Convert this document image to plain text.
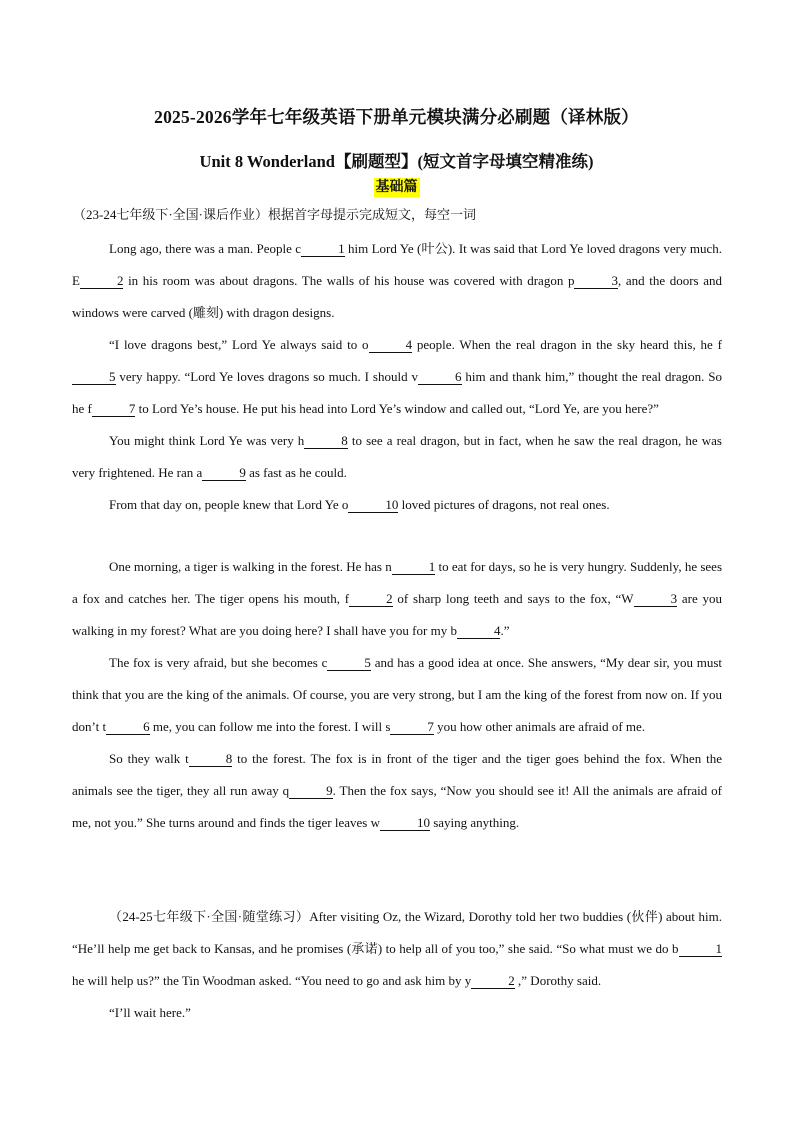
2025-2026学年七年级英语下册单元模块满分必刷题（译林版）
Unit 8 Wonderland【刷题型】(短文首字母填空精准练)
基础篇
（23-24七年级下·全国·课后作业）根据首字母提示完成短文，每空一词

Long ago, there was a man. People c	1 him Lord Ye (叶公). It was said that Lord Ye loved dragons very much. E	2 in his room was about dragons. The walls of his house was covered with dragon p	3, and the doors and windows were carved (雕刻) with dragon designs.

“I love dragons best,” Lord Ye always said to o	4 people. When the real dragon in the sky heard this, he f5 very happy. “Lord Ye loves dragons so much. I should v	6 him and thank him,” thought the real dragon. So he f	7 to Lord Ye’s house. He put his head into Lord Ye’s window and called out, “Lord Ye, are you here?”

You might think Lord Ye was very h	8 to see a real dragon, but in fact, when he saw the real dragon, he was very frightened. He ran a	9 as fast as he could.

From that day on, people knew that Lord Ye o	10 loved pictures of dragons, not real ones.

One morning, a tiger is walking in the forest. He has n	1 to eat for days, so he is very hungry. Suddenly, he sees a fox and catches her. The tiger opens his mouth, f	2 of sharp long teeth and says to the fox, “W	3 are you walking in my forest? What are you doing here? I shall have you for my b	4.”

The fox is very afraid, but she becomes c	5 and has a good idea at once. She answers, “My dear sir, you must think that you are the king of the animals. Of course, you are very strong, but I am the king of the forest from now on. If you don’t t	6 me, you can follow me into the forest. I will s	7 you how other animals are afraid of me.

So they walk t	8 to the forest. The fox is in front of the tiger and the tiger goes behind the fox. When the animals see the tiger, they all run away q	9. Then the fox says, “Now you should see it! All the animals are afraid of me, not you.” She turns around and finds the tiger leaves w	10 saying anything.

（24-25七年级下·全国·随堂练习）After visiting Oz, the Wizard, Dorothy told her two buddies (伙伴) about him. “He’ll help me get back to Kansas, and he promises (承诺) to help all of you too,” she said. “So what must we do b	1 he will help us?” the Tin Woodman asked. “You need to go and ask him by y	2 ,” Dorothy said.

“I’ll wait here.”
